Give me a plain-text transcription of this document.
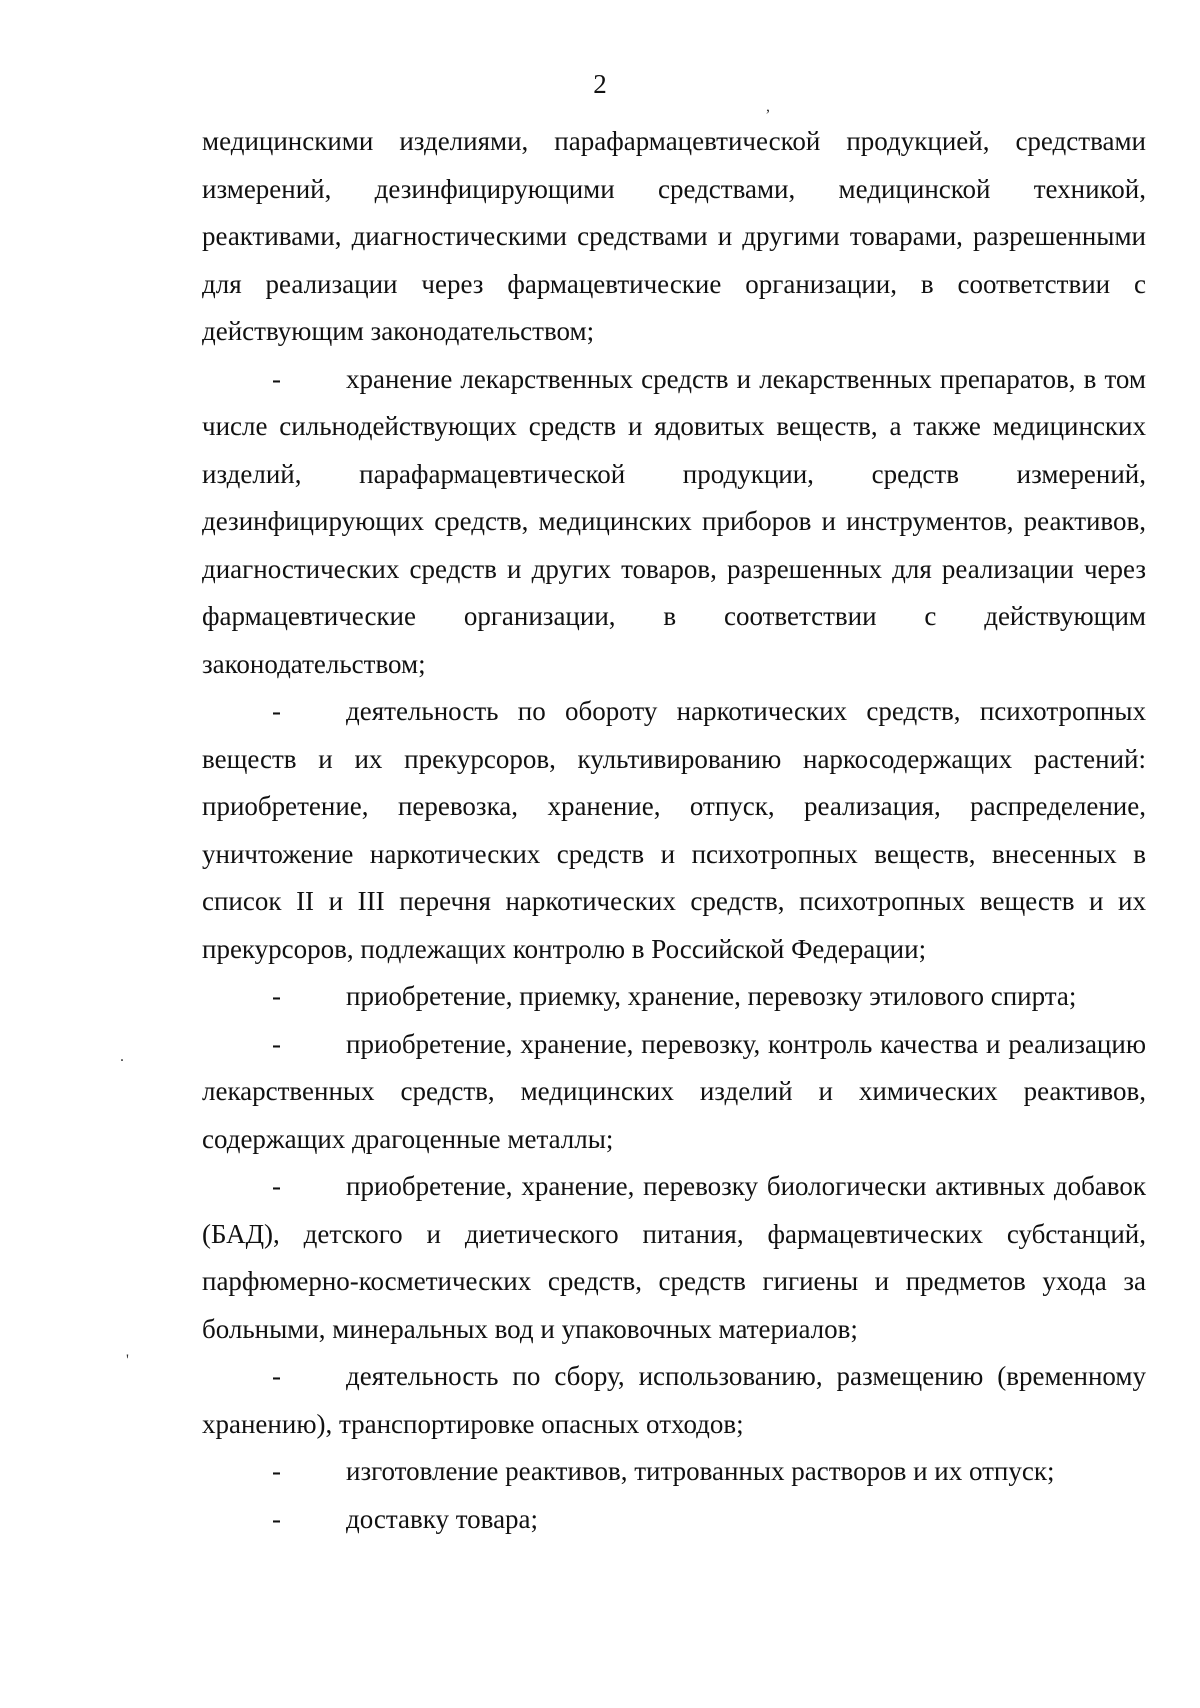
2

медицинскими изделиями, парафармацевтической продукцией, средствами измерений, дезинфицирующими средствами, медицинской техникой, реактивами, диагностическими средствами и другими товарами, разрешенными для реализации через фармацевтические организации, в соответствии с действующим законодательством;

- хранение лекарственных средств и лекарственных препаратов, в том числе сильнодействующих средств и ядовитых веществ, а также медицинских изделий, парафармацевтической продукции, средств измерений, дезинфицирующих средств, медицинских приборов и инструментов, реактивов, диагностических средств и других товаров, разрешенных для реализации через фармацевтические организации, в соответствии с действующим законодательством;

- деятельность по обороту наркотических средств, психотропных веществ и их прекурсоров, культивированию наркосодержащих растений: приобретение, перевозка, хранение, отпуск, реализация, распределение, уничтожение наркотических средств и психотропных веществ, внесенных в список II и III перечня наркотических средств, психотропных веществ и их прекурсоров, подлежащих контролю в Российской Федерации;

- приобретение, приемку, хранение, перевозку этилового спирта;

- приобретение, хранение, перевозку, контроль качества и реализацию лекарственных средств, медицинских изделий и химических реактивов, содержащих драгоценные металлы;

- приобретение, хранение, перевозку биологически активных добавок (БАД), детского и диетического питания, фармацевтических субстанций, парфюмерно-косметических средств, средств гигиены и предметов ухода за больными, минеральных вод и упаковочных материалов;

- деятельность по сбору, использованию, размещению (временному хранению), транспортировке опасных отходов;

- изготовление реактивов, титрованных растворов и их отпуск;

- доставку товара;

,
.
'
